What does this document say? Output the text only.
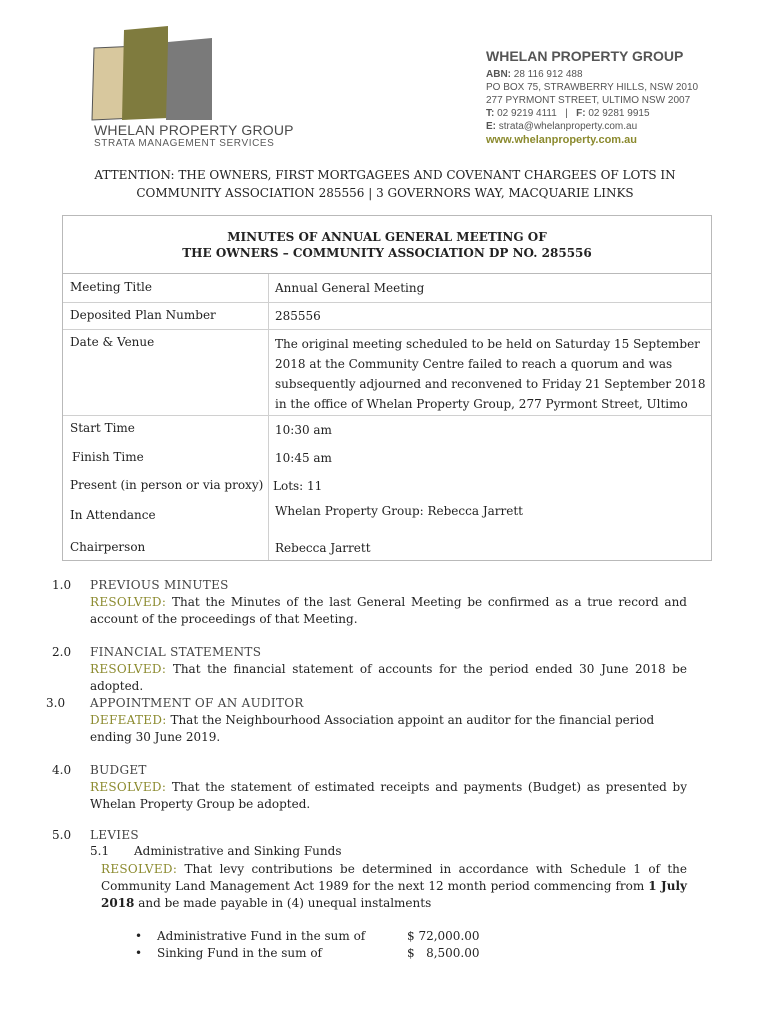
WHELAN PROPERTY GROUP
STRATA MANAGEMENT SERVICES
WHELAN PROPERTY GROUP
ABN: 28 116 912 488
PO BOX 75, STRAWBERRY HILLS, NSW 2010
277 PYRMONT STREET, ULTIMO NSW 2007
T: 02 9219 4111   |   F: 02 9281 9915
E: strata@whelanproperty.com.au
www.whelanproperty.com.au
ATTENTION: THE OWNERS, FIRST MORTGAGEES AND COVENANT CHARGEES OF LOTS IN
COMMUNITY ASSOCIATION 285556 | 3 GOVERNORS WAY, MACQUARIE LINKS
MINUTES OF ANNUAL GENERAL MEETING OF
THE OWNERS – COMMUNITY ASSOCIATION DP NO. 285556
Meeting Title	Annual General Meeting
Deposited Plan Number	285556
Date & Venue	The original meeting scheduled to be held on Saturday 15 September 2018 at the Community Centre failed to reach a quorum and was subsequently adjourned and reconvened to Friday 21 September 2018 in the office of Whelan Property Group, 277 Pyrmont Street, Ultimo
Start Time	10:30 am
Finish Time	10:45 am
Present (in person or via proxy) Lots: 11
In Attendance	Whelan Property Group: Rebecca Jarrett
Chairperson	Rebecca Jarrett
1.0 PREVIOUS MINUTES
RESOLVED: That the Minutes of the last General Meeting be confirmed as a true record and account of the proceedings of that Meeting.
2.0 FINANCIAL STATEMENTS
RESOLVED: That the financial statement of accounts for the period ended 30 June 2018 be adopted.
3.0 APPOINTMENT OF AN AUDITOR
DEFEATED: That the Neighbourhood Association appoint an auditor for the financial period ending 30 June 2019.
4.0 BUDGET
RESOLVED: That the statement of estimated receipts and payments (Budget) as presented by Whelan Property Group be adopted.
5.0 LEVIES
5.1 Administrative and Sinking Funds
RESOLVED: That levy contributions be determined in accordance with Schedule 1 of the Community Land Management Act 1989 for the next 12 month period commencing from 1 July 2018 and be made payable in (4) unequal instalments
• Administrative Fund in the sum of	$ 72,000.00
• Sinking Fund in the sum of	$   8,500.00
